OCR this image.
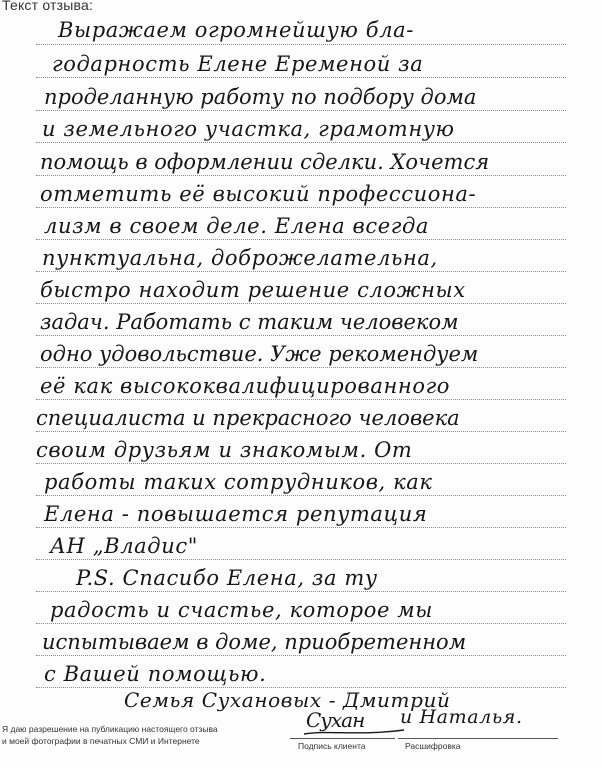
Текст отзыва:
Выражаем огромнейшую бла-
годарность Елене Еременой за
проделанную работу по подбору дома
и земельного участка, грамотную
помощь в оформлении сделки. Хочется
отметить её высокий профессиона-
лизм в своем деле. Елена всегда
пунктуальна, доброжелательна,
быстро находит решение сложных
задач. Работать с таким человеком
одно удовольствие. Уже рекомендуем
её как высококвалифицированного
специалиста и прекрасного человека
своим друзьям и знакомым. От
работы таких сотрудников, как
Елена - повышается репутация
АН „Владис"
P.S. Спасибо Елена, за ту
радость и счастье, которое мы
испытываем в доме, приобретенном
с Вашей помощью.
Семья Сухановых - Дмитрий
и Наталья.
Сухан
Я даю разрешение на публикацию настоящего отзыва
и моей фотографии в печатных СМИ и Интернете	Подпись клиента	Расшифровка
